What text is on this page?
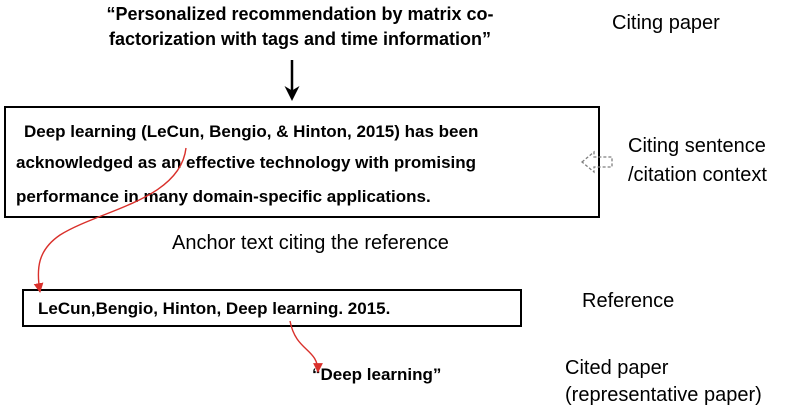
“Personalized recommendation by matrix co-
factorization with tags and time information”
Citing paper
Deep learning (LeCun, Bengio, & Hinton, 2015) has been
acknowledged as an effective technology with promising
performance in many domain-specific applications.
Citing sentence
/citation context
Anchor text citing the reference
LeCun,Bengio, Hinton, Deep learning. 2015.	Reference
“Deep learning”	Cited paper
(representative paper)
